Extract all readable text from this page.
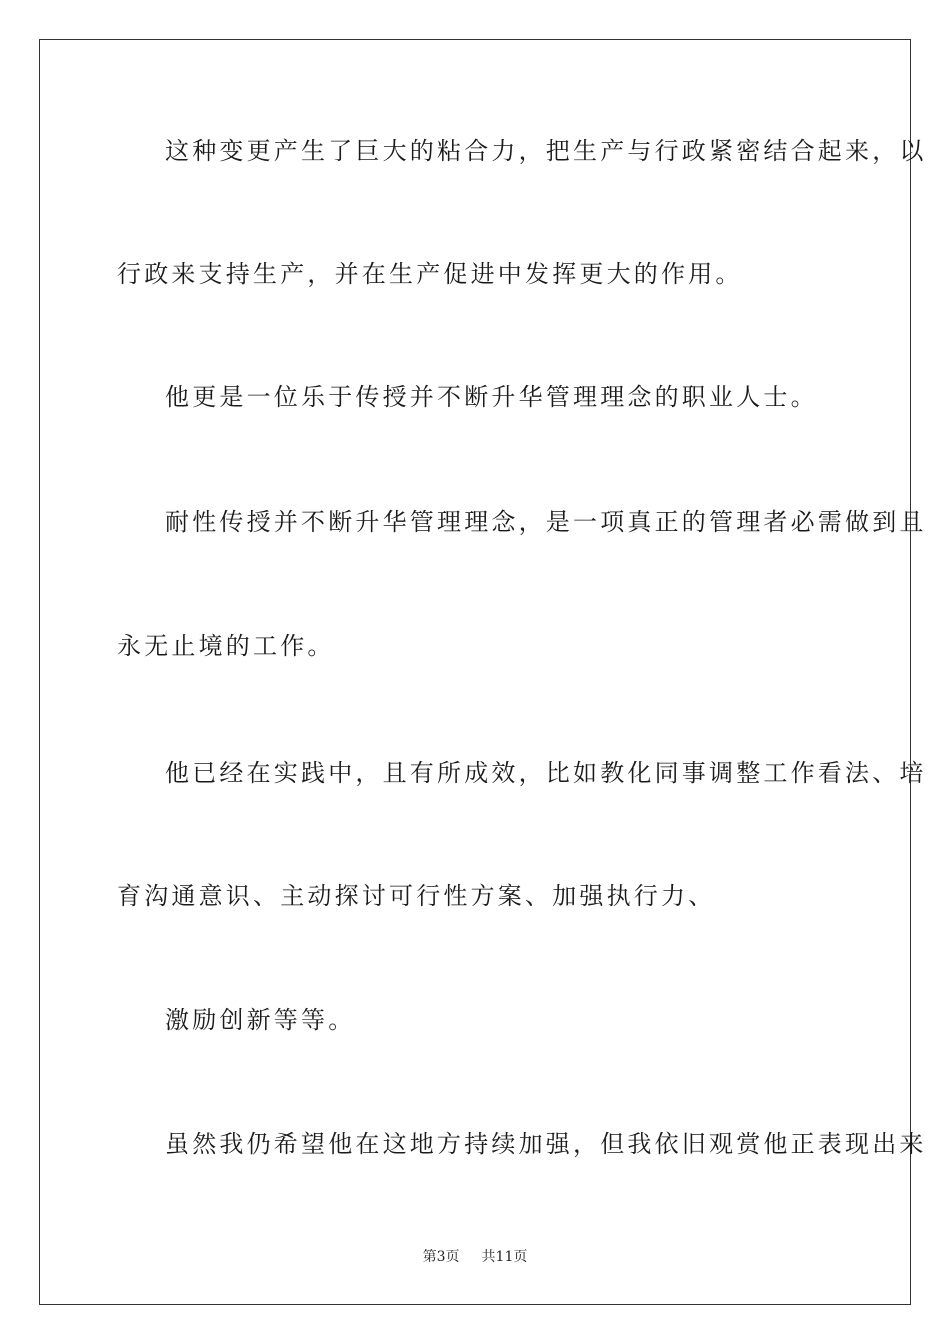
这种变更产生了巨大的粘合力，把生产与行政紧密结合起来，以
行政来支持生产，并在生产促进中发挥更大的作用。
他更是一位乐于传授并不断升华管理理念的职业人士。
耐性传授并不断升华管理理念，是一项真正的管理者必需做到且
永无止境的工作。
他已经在实践中，且有所成效，比如教化同事调整工作看法、培
育沟通意识、主动探讨可行性方案、加强执行力、
激励创新等等。
虽然我仍希望他在这地方持续加强，但我依旧观赏他正表现出来
第3页 共11页
